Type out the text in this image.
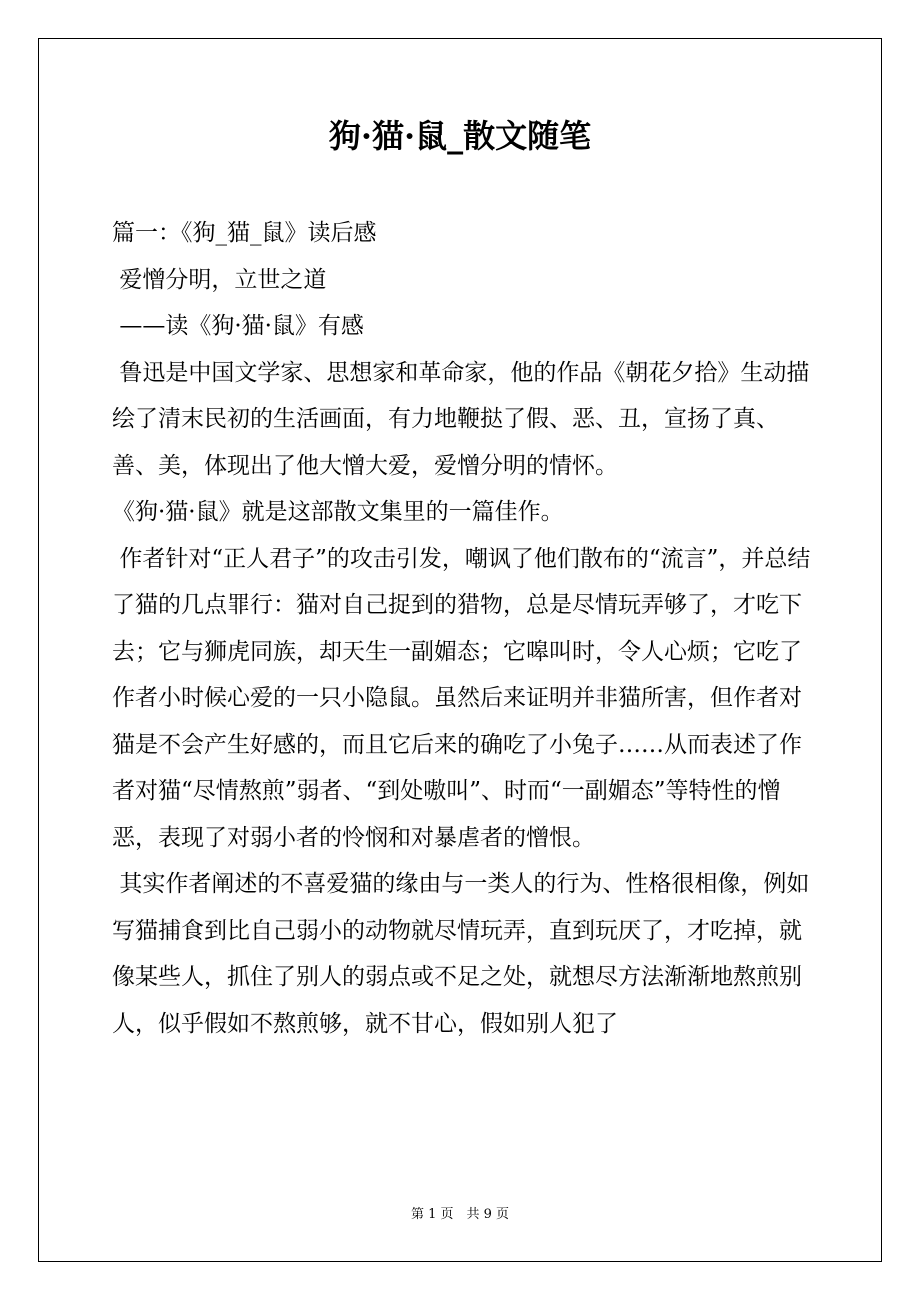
狗·猫·鼠_散文随笔

篇一：《狗_猫_鼠》读后感

爱憎分明，立世之道

——读《狗·猫·鼠》有感

鲁迅是中国文学家、思想家和革命家，他的作品《朝花夕拾》生动描绘了清末民初的生活画面，有力地鞭挞了假、恶、丑，宣扬了真、善、美，体现出了他大憎大爱，爱憎分明的情怀。

《狗·猫·鼠》就是这部散文集里的一篇佳作。

作者针对“正人君子”的攻击引发，嘲讽了他们散布的“流言”，并总结了猫的几点罪行：猫对自己捉到的猎物，总是尽情玩弄够了，才吃下去；它与狮虎同族，却天生一副媚态；它嗥叫时，令人心烦；它吃了作者小时候心爱的一只小隐鼠。虽然后来证明并非猫所害，但作者对猫是不会产生好感的，而且它后来的确吃了小兔子……从而表述了作者对猫“尽情熬煎”弱者、“到处嗷叫”、时而“一副媚态”等特性的憎恶，表现了对弱小者的怜悯和对暴虐者的憎恨。

其实作者阐述的不喜爱猫的缘由与一类人的行为、性格很相像，例如写猫捕食到比自己弱小的动物就尽情玩弄，直到玩厌了，才吃掉，就像某些人，抓住了别人的弱点或不足之处，就想尽方法渐渐地熬煎别人，似乎假如不熬煎够，就不甘心，假如别人犯了

第 1 页　共 9 页
